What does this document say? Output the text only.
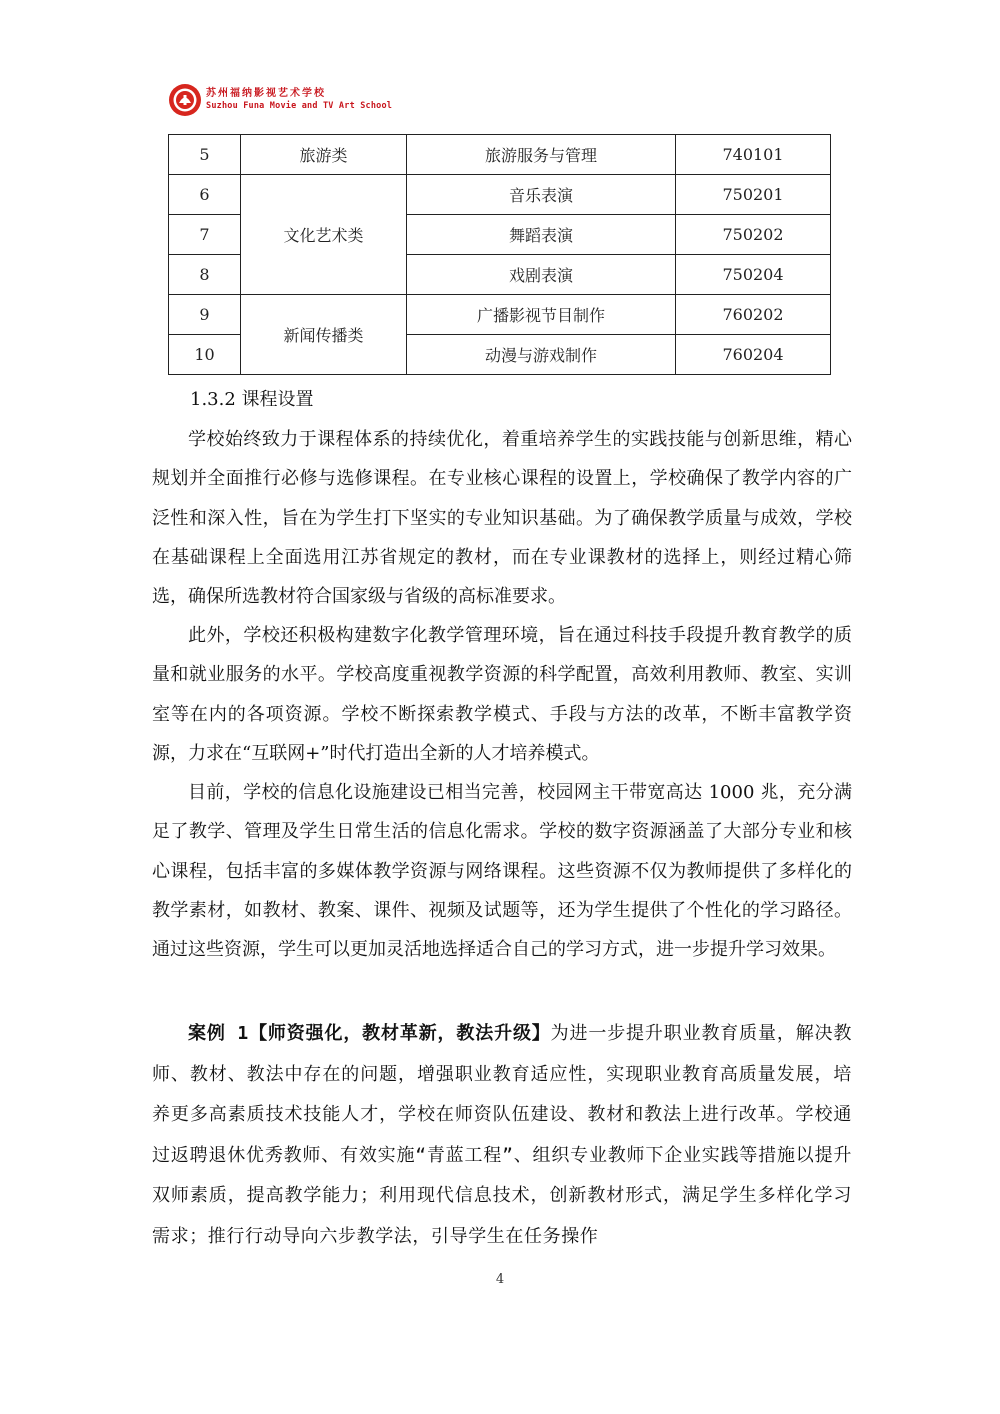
苏州福纳影视艺术学校
Suzhou Funa Movie and TV Art School
5	旅游类	旅游服务与管理	740101
6	文化艺术类	音乐表演	750201
7		舞蹈表演	750202
8		戏剧表演	750204
9	新闻传播类	广播影视节目制作	760202
10		动漫与游戏制作	760204
1.3.2 课程设置

学校始终致力于课程体系的持续优化，着重培养学生的实践技能与创新思维，精心规划并全面推行必修与选修课程。在专业核心课程的设置上，学校确保了教学内容的广泛性和深入性，旨在为学生打下坚实的专业知识基础。为了确保教学质量与成效，学校在基础课程上全面选用江苏省规定的教材，而在专业课教材的选择上，则经过精心筛选，确保所选教材符合国家级与省级的高标准要求。

此外，学校还积极构建数字化教学管理环境，旨在通过科技手段提升教育教学的质量和就业服务的水平。学校高度重视教学资源的科学配置，高效利用教师、教室、实训室等在内的各项资源。学校不断探索教学模式、手段与方法的改革，不断丰富教学资源，力求在“互联网+”时代打造出全新的人才培养模式。

目前，学校的信息化设施建设已相当完善，校园网主干带宽高达 1000 兆，充分满足了教学、管理及学生日常生活的信息化需求。学校的数字资源涵盖了大部分专业和核心课程，包括丰富的多媒体教学资源与网络课程。这些资源不仅为教师提供了多样化的教学素材，如教材、教案、课件、视频及试题等，还为学生提供了个性化的学习路径。通过这些资源，学生可以更加灵活地选择适合自己的学习方式，进一步提升学习效果。

案例 1【师资强化，教材革新，教法升级】为进一步提升职业教育质量，解决教师、教材、教法中存在的问题，增强职业教育适应性，实现职业教育高质量发展，培养更多高素质技术技能人才，学校在师资队伍建设、教材和教法上进行改革。学校通过返聘退休优秀教师、有效实施“青蓝工程”、组织专业教师下企业实践等措施以提升双师素质，提高教学能力；利用现代信息技术，创新教材形式，满足学生多样化学习需求；推行行动导向六步教学法，引导学生在任务操作

4
